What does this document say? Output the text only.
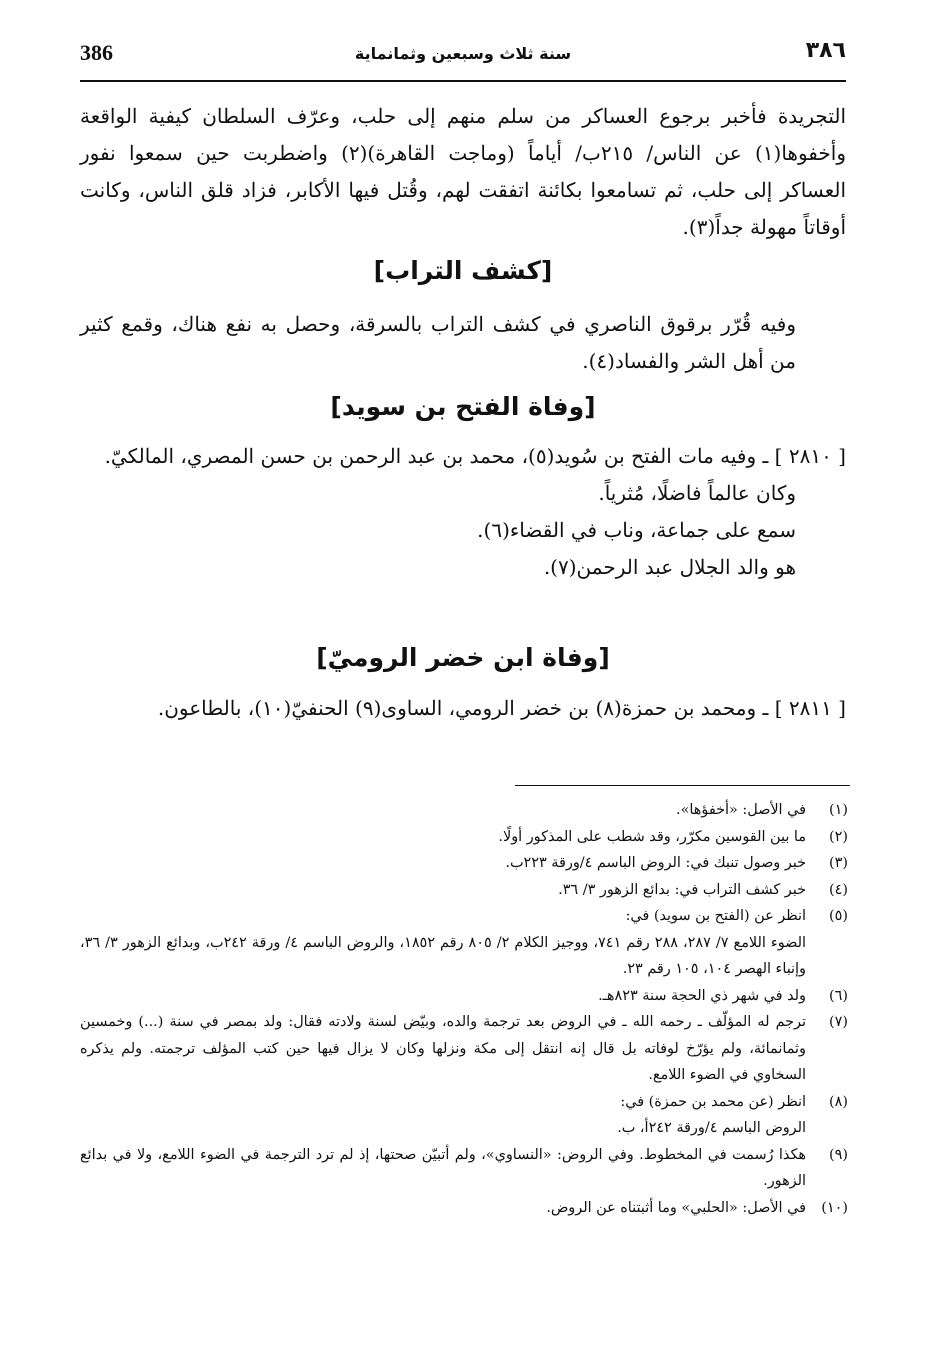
386	سنة ثلاث وسبعين وثمانماية	٣٨٦

التجريدة فأخبر برجوع العساكر من سلم منهم إلى حلب، وعرّف السلطان كيفية الواقعة وأخفوها(١) عن الناس/ ٢١٥ب/ أياماً (وماجت القاهرة)(٢) واضطربت حين سمعوا نفور العساكر إلى حلب، ثم تسامعوا بكائنة اتفقت لهم، وقُتل فيها الأكابر، فزاد قلق الناس، وكانت أوقاتاً مهولة جداً(٣).

[كشف التراب]

وفيه قُرّر برقوق الناصري في كشف التراب بالسرقة، وحصل به نفع هناك، وقمع كثير من أهل الشر والفساد(٤).

[وفاة الفتح بن سويد]

[ ٢٨١٠ ] ـ وفيه مات الفتح بن سُويد(٥)، محمد بن عبد الرحمن بن حسن المصري، المالكيّ.

وكان عالماً فاضلًا، مُثرياً.

سمع على جماعة، وناب في القضاء(٦).

هو والد الجلال عبد الرحمن(٧).

[وفاة ابن خضر الروميّ]

[ ٢٨١١ ] ـ ومحمد بن حمزة(٨) بن خضر الرومي، الساوى(٩) الحنفيّ(١٠)، بالطاعون.

(١)
في الأصل: «أخفؤها».
(٢)
ما بين القوسين مكرّر، وقد شطب على المذكور أولًا.
(٣)
خبر وصول تنبك في: الروض الباسم ٤/ورقة ٢٢٣ب.
(٤)
خبر كشف التراب في: بدائع الزهور ٣/ ٣٦.
(٥)
انظر عن (الفتح بن سويد) في:
الضوء اللامع ٧/ ٢٨٧، ٢٨٨ رقم ٧٤١، ووجيز الكلام ٢/ ٨٠٥ رقم ١٨٥٢، والروض الباسم ٤/ ورقة ٢٤٢ب، وبدائع الزهور ٣/ ٣٦، وإنباء الهصر ١٠٤، ١٠٥ رقم ٢٣.
(٦)
ولد في شهر ذي الحجة سنة ٨٢٣هـ.
(٧)
ترجم له المؤلّف ـ رحمه الله ـ في الروض بعد ترجمة والده، وبيّض لسنة ولادته فقال: ولد بمصر في سنة (...) وخمسين وثمانمائة، ولم يؤرّخ لوفاته بل قال إنه انتقل إلى مكة ونزلها وكان لا يزال فيها حين كتب المؤلف ترجمته. ولم يذكره السخاوي في الضوء اللامع.
(٨)
انظر (عن محمد بن حمزة) في:
الروض الباسم ٤/ورقة ٢٤٢أ، ب.
(٩)
هكذا رُسمت في المخطوط. وفي الروض: «النساوي»، ولم أتبيّن صحتها، إذ لم ترد الترجمة في الضوء اللامع، ولا في بدائع الزهور.
(١٠)
في الأصل: «الحلبي» وما أثبتناه عن الروض.
